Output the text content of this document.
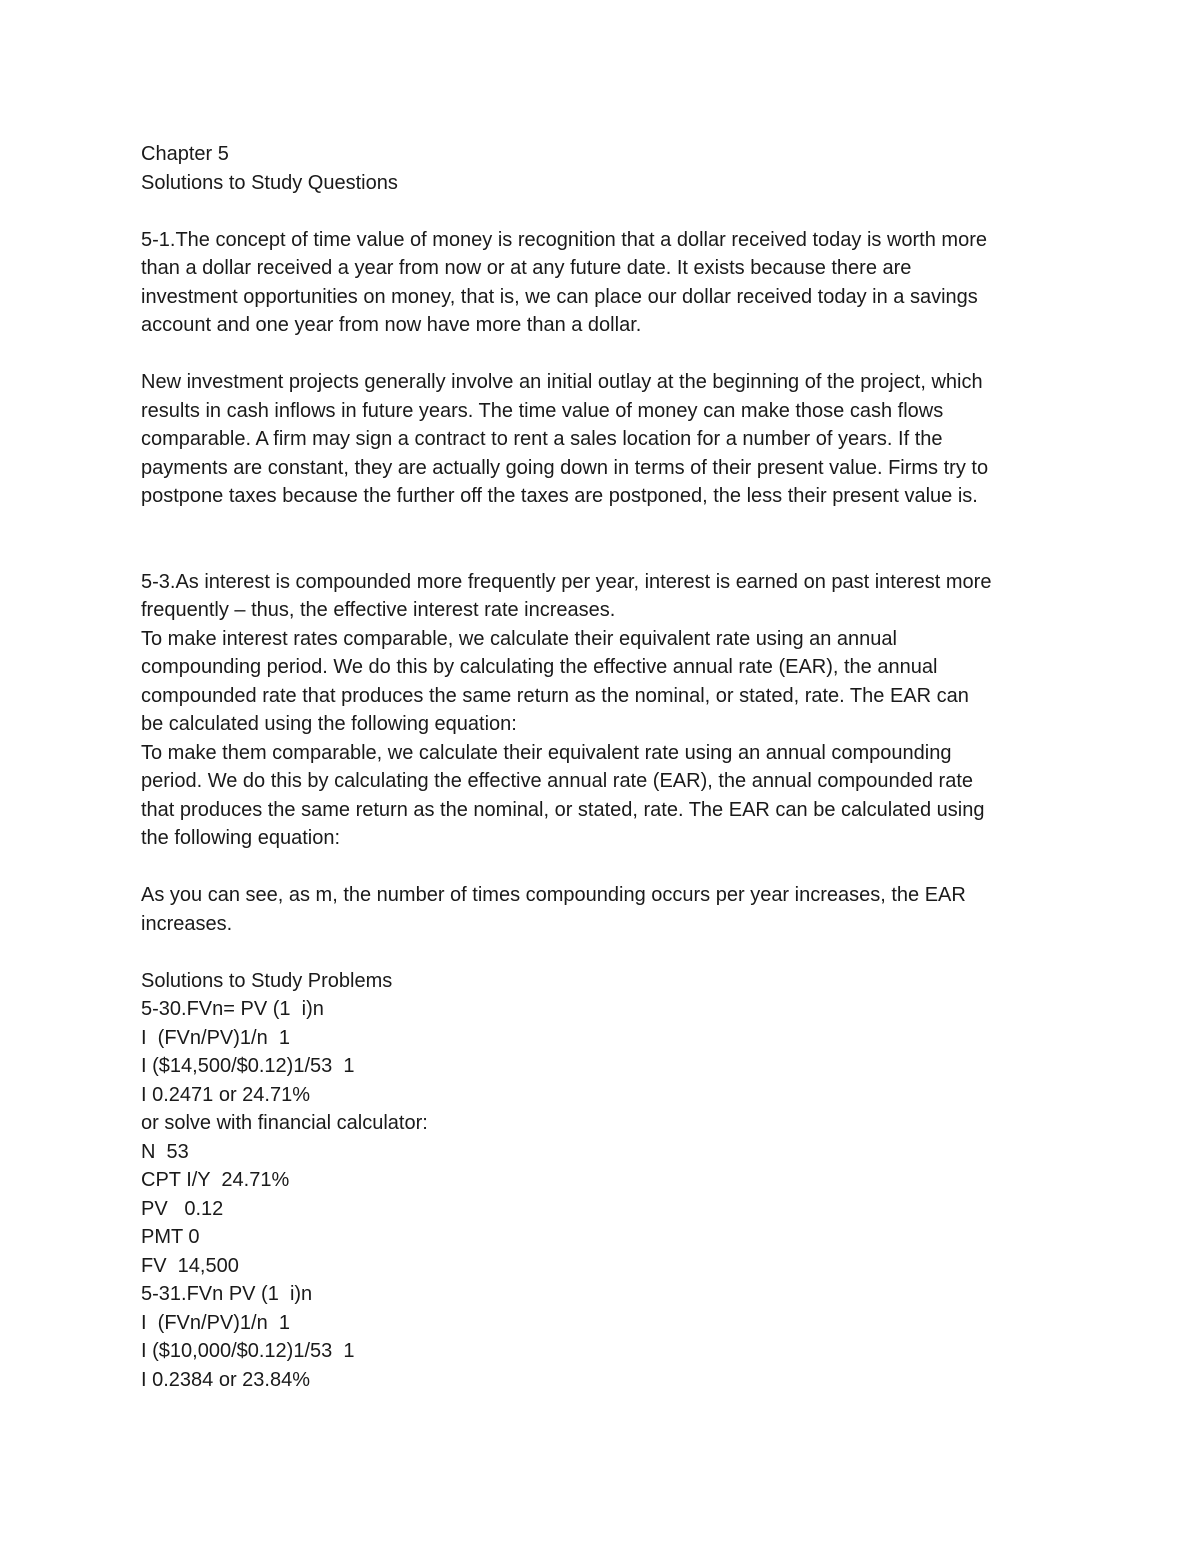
Chapter 5
Solutions to Study Questions
5-1.The concept of time value of money is recognition that a dollar received today is worth more
than a dollar received a year from now or at any future date. It exists because there are
investment opportunities on money, that is, we can place our dollar received today in a savings
account and one year from now have more than a dollar.
New investment projects generally involve an initial outlay at the beginning of the project, which
results in cash inflows in future years. The time value of money can make those cash flows
comparable. A firm may sign a contract to rent a sales location for a number of years. If the
payments are constant, they are actually going down in terms of their present value. Firms try to
postpone taxes because the further off the taxes are postponed, the less their present value is.
5-3.As interest is compounded more frequently per year, interest is earned on past interest more
frequently – thus, the effective interest rate increases.
To make interest rates comparable, we calculate their equivalent rate using an annual
compounding period. We do this by calculating the effective annual rate (EAR), the annual
compounded rate that produces the same return as the nominal, or stated, rate. The EAR can
be calculated using the following equation:
To make them comparable, we calculate their equivalent rate using an annual compounding
period. We do this by calculating the effective annual rate (EAR), the annual compounded rate
that produces the same return as the nominal, or stated, rate. The EAR can be calculated using
the following equation:
As you can see, as m, the number of times compounding occurs per year increases, the EAR
increases.
Solutions to Study Problems
5-30.FVn= PV (1  i)n
I  (FVn/PV)1/n  1
I ($14,500/$0.12)1/53  1
I 0.2471 or 24.71%
or solve with financial calculator:
N  53
CPT I/Y  24.71%
PV   0.12
PMT 0
FV  14,500
5-31.FVn PV (1  i)n
I  (FVn/PV)1/n  1
I ($10,000/$0.12)1/53  1
I 0.2384 or 23.84%
